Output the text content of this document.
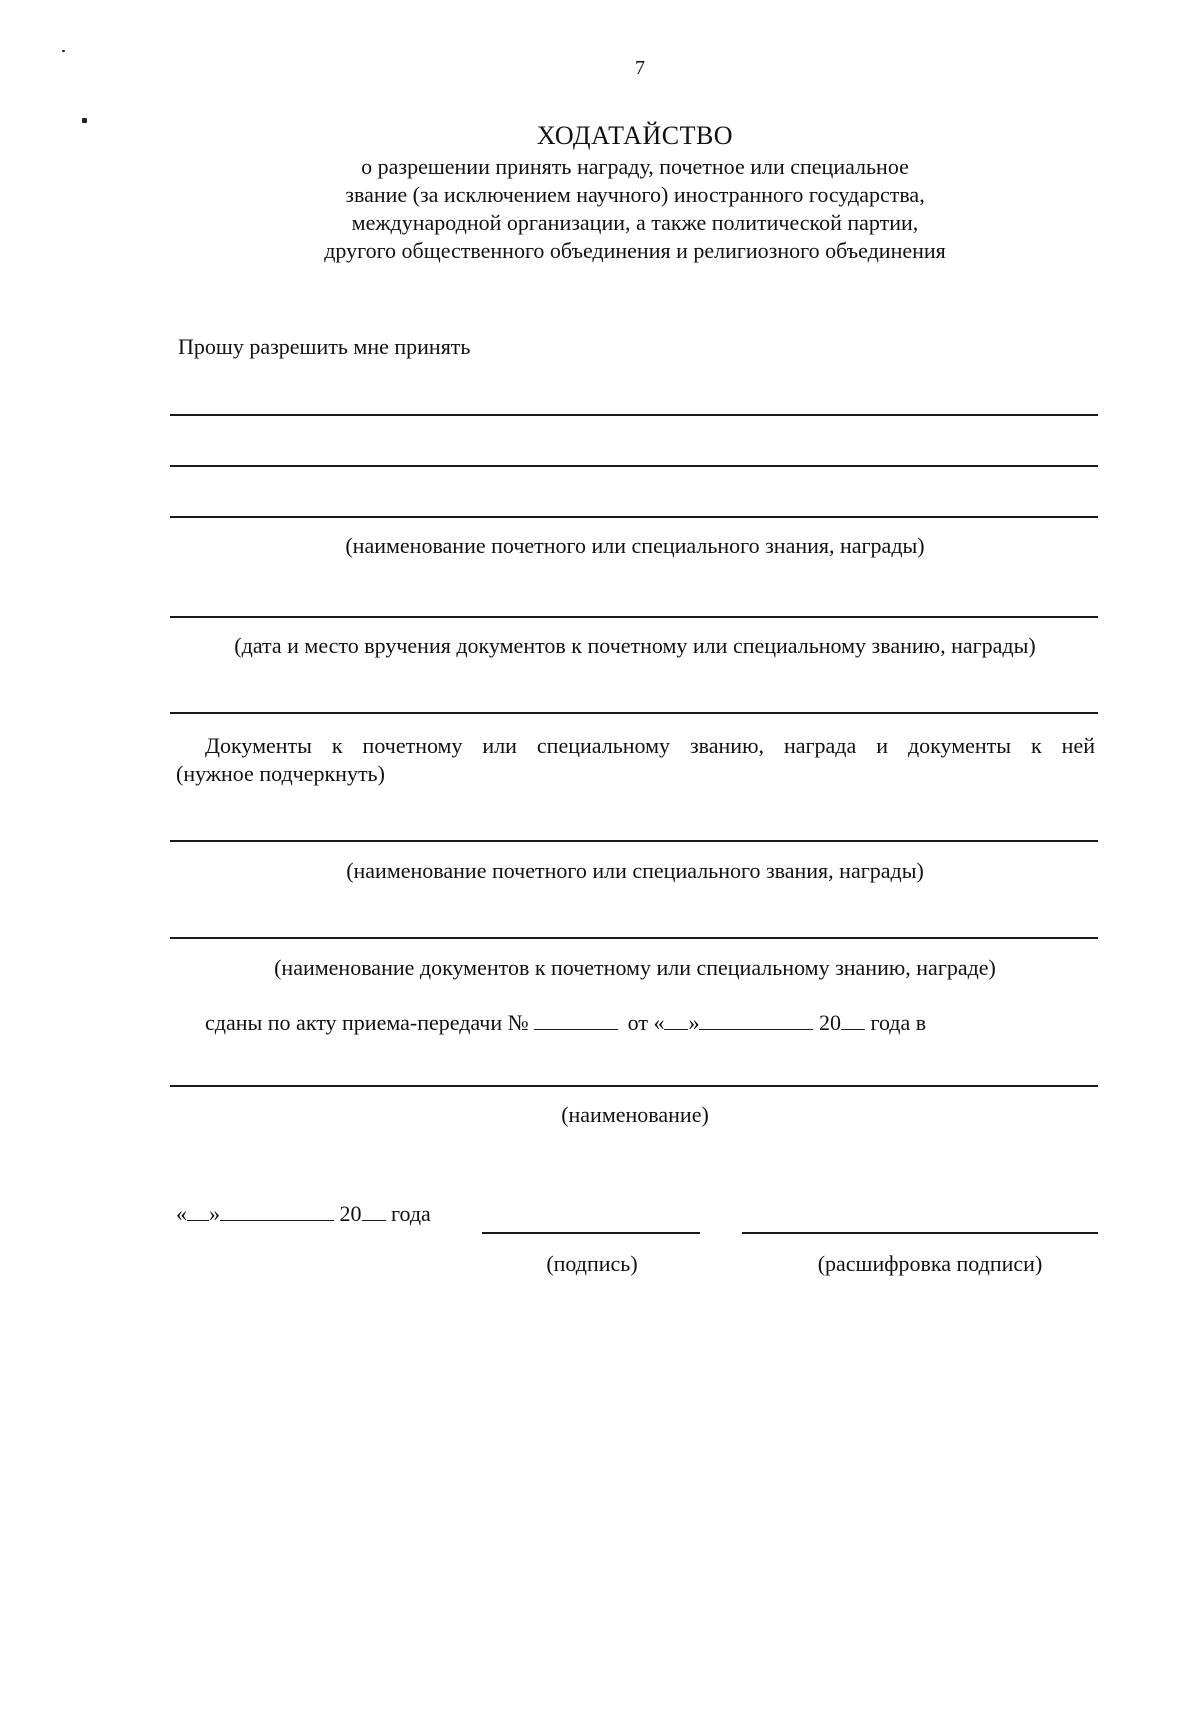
7
ХОДАТАЙСТВО
о разрешении принять награду, почетное или специальное
звание (за исключением научного) иностранного государства,
международной организации, а также политической партии,
другого общественного объединения и религиозного объединения
Прошу разрешить мне принять
(наименование почетного или специального знания, награды)
(дата и место вручения документов к почетному или специальному званию, награды)
Документы к почетному или специальному званию, награда и документы к ней
(нужное подчеркнуть)
(наименование почетного или специального звания, награды)
(наименование документов к почетному или специальному знанию, награде)
сданы по акту приема-передачи №	от « »	20 года в
(наименование)
« »	20 года
(подпись)	(расшифровка подписи)
